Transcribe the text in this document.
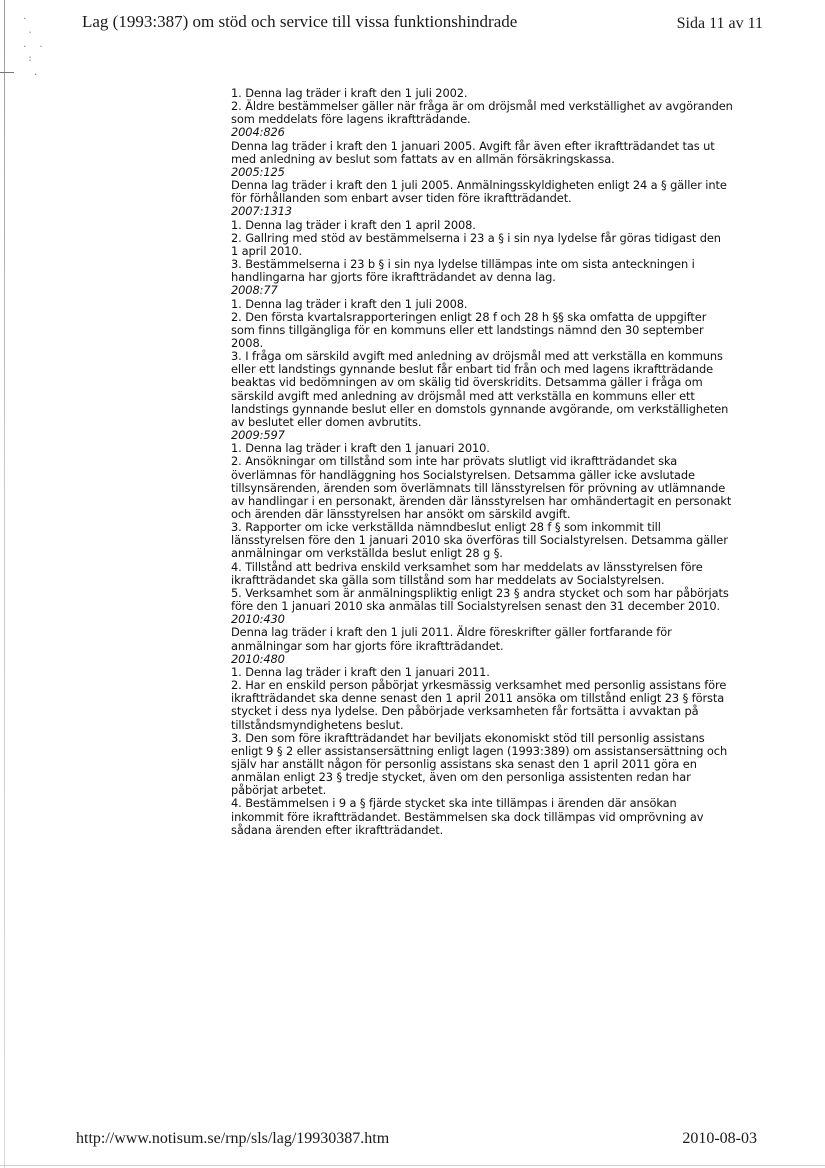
.
.
.  .
:
.
Lag (1993:387) om stöd och service till vissa funktionshindrade	Sida 11 av 11
1. Denna lag träder i kraft den 1 juli 2002.
2. Äldre bestämmelser gäller när fråga är om dröjsmål med verkställighet av avgöranden
som meddelats före lagens ikraftträdande.
2004:826
Denna lag träder i kraft den 1 januari 2005. Avgift får även efter ikraftträdandet tas ut
med anledning av beslut som fattats av en allmän försäkringskassa.
2005:125
Denna lag träder i kraft den 1 juli 2005. Anmälningsskyldigheten enligt 24 a § gäller inte
för förhållanden som enbart avser tiden före ikraftträdandet.
2007:1313
1. Denna lag träder i kraft den 1 april 2008.
2. Gallring med stöd av bestämmelserna i 23 a § i sin nya lydelse får göras tidigast den
1 april 2010.
3. Bestämmelserna i 23 b § i sin nya lydelse tillämpas inte om sista anteckningen i
handlingarna har gjorts före ikraftträdandet av denna lag.
2008:77
1. Denna lag träder i kraft den 1 juli 2008.
2. Den första kvartalsrapporteringen enligt 28 f och 28 h §§ ska omfatta de uppgifter
som finns tillgängliga för en kommuns eller ett landstings nämnd den 30 september
2008.
3. I fråga om särskild avgift med anledning av dröjsmål med att verkställa en kommuns
eller ett landstings gynnande beslut får enbart tid från och med lagens ikraftträdande
beaktas vid bedömningen av om skälig tid överskridits. Detsamma gäller i fråga om
särskild avgift med anledning av dröjsmål med att verkställa en kommuns eller ett
landstings gynnande beslut eller en domstols gynnande avgörande, om verkställigheten
av beslutet eller domen avbrutits.
2009:597
1. Denna lag träder i kraft den 1 januari 2010.
2. Ansökningar om tillstånd som inte har prövats slutligt vid ikraftträdandet ska
överlämnas för handläggning hos Socialstyrelsen. Detsamma gäller icke avslutade
tillsynsärenden, ärenden som överlämnats till länsstyrelsen för prövning av utlämnande
av handlingar i en personakt, ärenden där länsstyrelsen har omhändertagit en personakt
och ärenden där länsstyrelsen har ansökt om särskild avgift.
3. Rapporter om icke verkställda nämndbeslut enligt 28 f § som inkommit till
länsstyrelsen före den 1 januari 2010 ska överföras till Socialstyrelsen. Detsamma gäller
anmälningar om verkställda beslut enligt 28 g §.
4. Tillstånd att bedriva enskild verksamhet som har meddelats av länsstyrelsen före
ikraftträdandet ska gälla som tillstånd som har meddelats av Socialstyrelsen.
5. Verksamhet som är anmälningspliktig enligt 23 § andra stycket och som har påbörjats
före den 1 januari 2010 ska anmälas till Socialstyrelsen senast den 31 december 2010.
2010:430
Denna lag träder i kraft den 1 juli 2011. Äldre föreskrifter gäller fortfarande för
anmälningar som har gjorts före ikraftträdandet.
2010:480
1. Denna lag träder i kraft den 1 januari 2011.
2. Har en enskild person påbörjat yrkesmässig verksamhet med personlig assistans före
ikraftträdandet ska denne senast den 1 april 2011 ansöka om tillstånd enligt 23 § första
stycket i dess nya lydelse. Den påbörjade verksamheten får fortsätta i avvaktan på
tillståndsmyndighetens beslut.
3. Den som före ikraftträdandet har beviljats ekonomiskt stöd till personlig assistans
enligt 9 § 2 eller assistansersättning enligt lagen (1993:389) om assistansersättning och
själv har anställt någon för personlig assistans ska senast den 1 april 2011 göra en
anmälan enligt 23 § tredje stycket, även om den personliga assistenten redan har
påbörjat arbetet.
4. Bestämmelsen i 9 a § fjärde stycket ska inte tillämpas i ärenden där ansökan
inkommit före ikraftträdandet. Bestämmelsen ska dock tillämpas vid omprövning av
sådana ärenden efter ikraftträdandet.
http://www.notisum.se/rnp/sls/lag/19930387.htm	2010-08-03
